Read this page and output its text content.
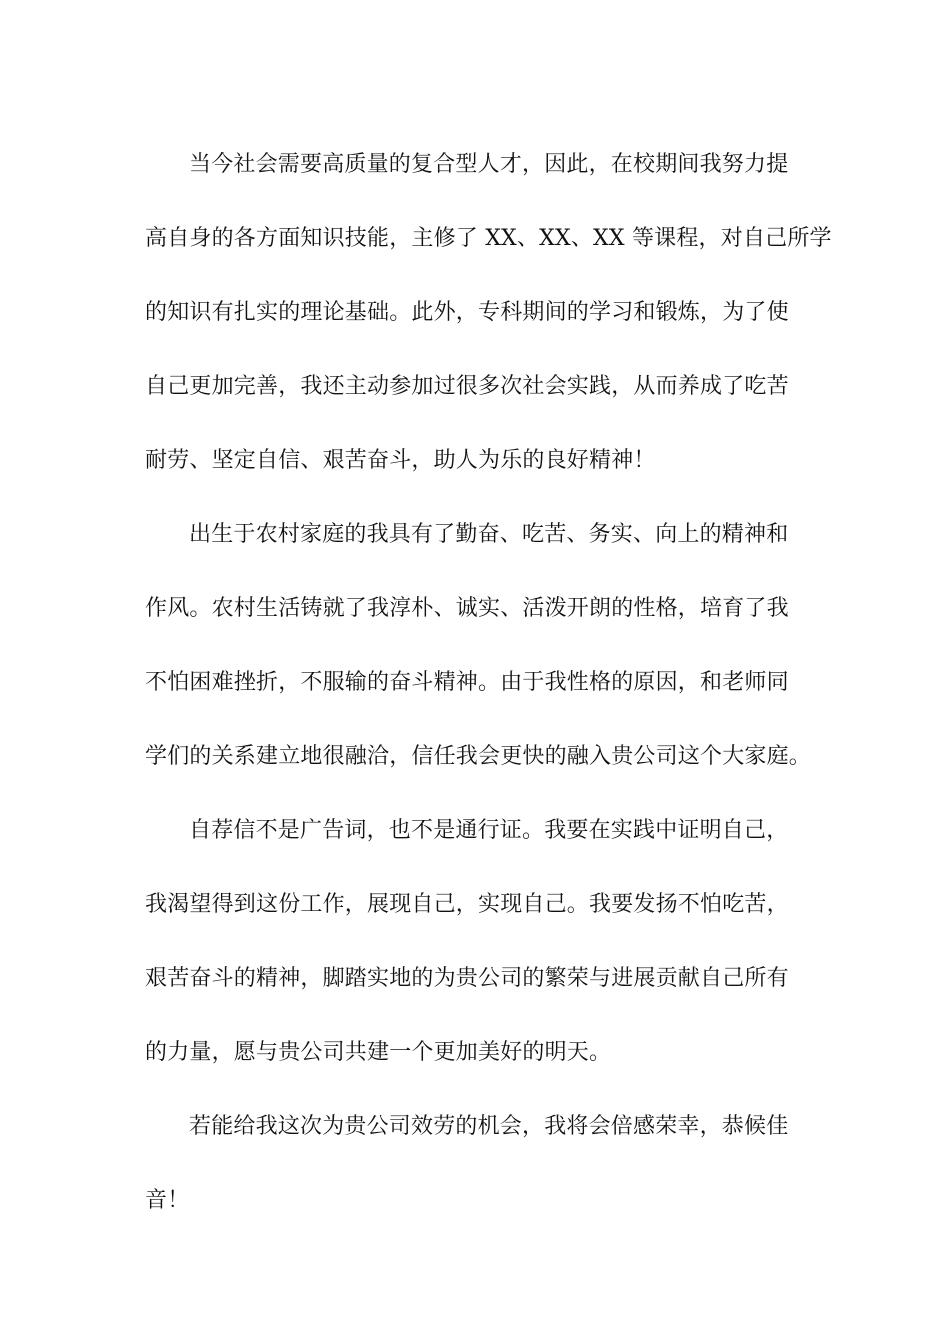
当今社会需要高质量的复合型人才，因此，在校期间我努力提
高自身的各方面知识技能，主修了 XX、XX、XX 等课程，对自己所学
的知识有扎实的理论基础。此外，专科期间的学习和锻炼，为了使
自己更加完善，我还主动参加过很多次社会实践，从而养成了吃苦
耐劳、坚定自信、艰苦奋斗，助人为乐的良好精神！

出生于农村家庭的我具有了勤奋、吃苦、务实、向上的精神和
作风。农村生活铸就了我淳朴、诚实、活泼开朗的性格，培育了我
不怕困难挫折，不服输的奋斗精神。由于我性格的原因，和老师同
学们的关系建立地很融洽，信任我会更快的融入贵公司这个大家庭。

自荐信不是广告词，也不是通行证。我要在实践中证明自己，
我渴望得到这份工作，展现自己，实现自己。我要发扬不怕吃苦，
艰苦奋斗的精神，脚踏实地的为贵公司的繁荣与进展贡献自己所有
的力量，愿与贵公司共建一个更加美好的明天。

若能给我这次为贵公司效劳的机会，我将会倍感荣幸，恭候佳
音！
